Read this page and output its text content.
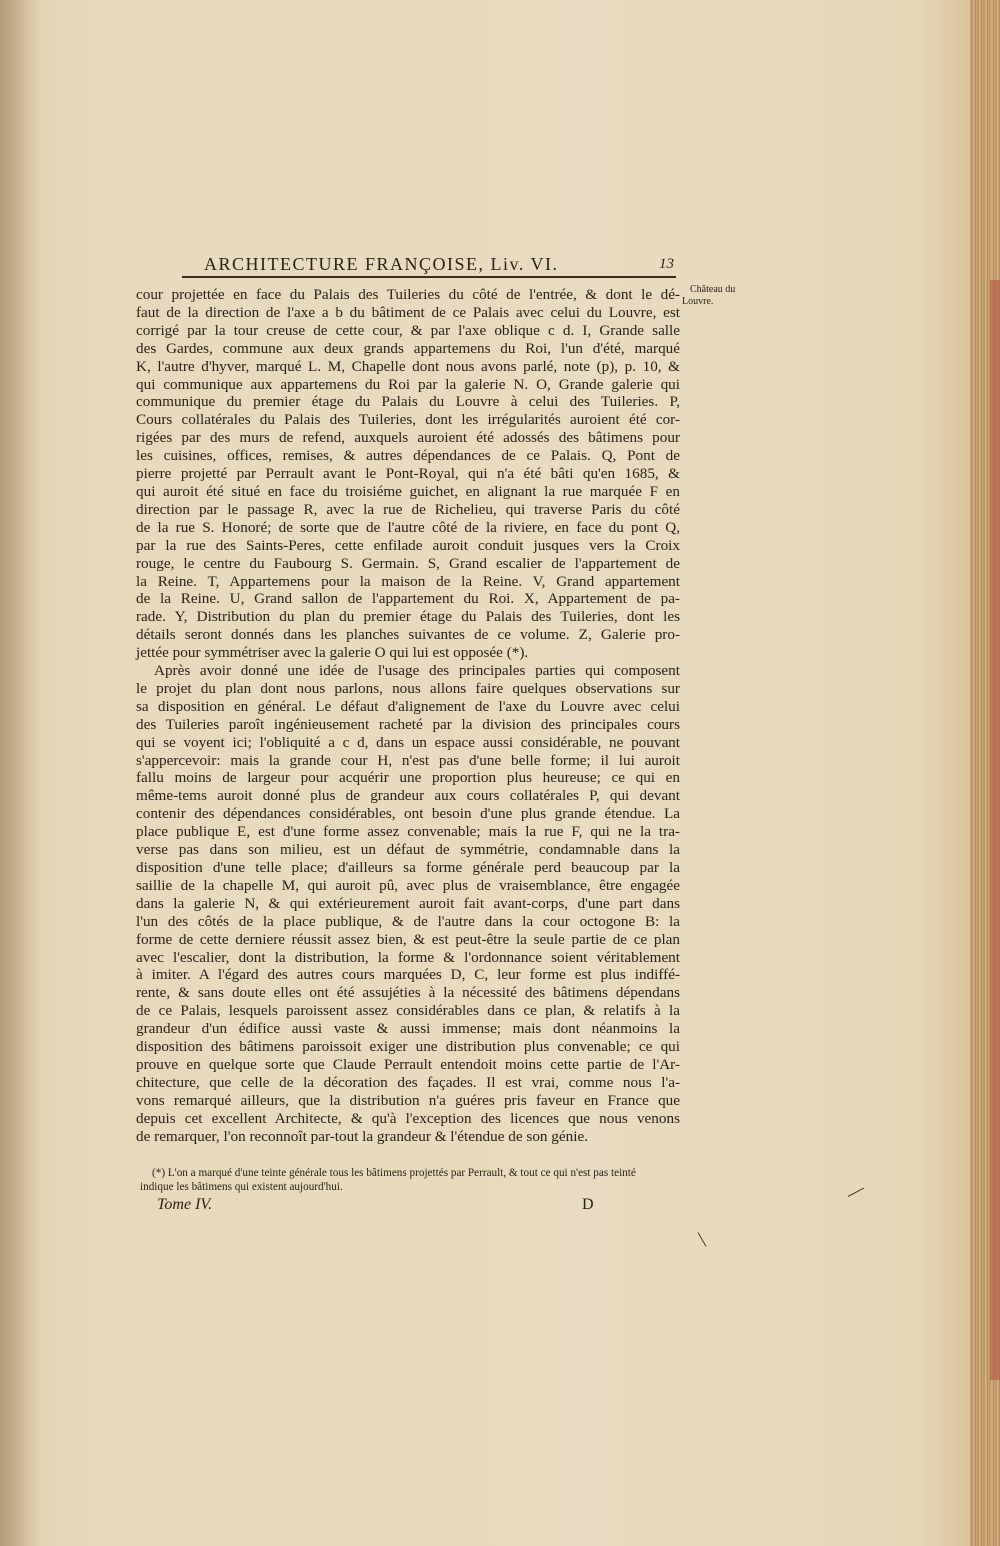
ARCHITECTURE FRANÇOISE, Liv. VI.	13
Château du
Louvre.
cour projettée en face du Palais des Tuileries du côté de l'entrée, & dont le dé-
faut de la direction de l'axe a b du bâtiment de ce Palais avec celui du Louvre, est
corrigé par la tour creuse de cette cour, & par l'axe oblique c d. I, Grande salle
des Gardes, commune aux deux grands appartemens du Roi, l'un d'été, marqué
K, l'autre d'hyver, marqué L. M, Chapelle dont nous avons parlé, note (p), p. 10, &
qui communique aux appartemens du Roi par la galerie N. O, Grande galerie qui
communique du premier étage du Palais du Louvre à celui des Tuileries. P,
Cours collatérales du Palais des Tuileries, dont les irrégularités auroient été cor-
rigées par des murs de refend, auxquels auroient été adossés des bâtimens pour
les cuisines, offices, remises, & autres dépendances de ce Palais. Q, Pont de
pierre projetté par Perrault avant le Pont-Royal, qui n'a été bâti qu'en 1685, &
qui auroit été situé en face du troisiéme guichet, en alignant la rue marquée F en
direction par le passage R, avec la rue de Richelieu, qui traverse Paris du côté
de la rue S. Honoré; de sorte que de l'autre côté de la riviere, en face du pont Q,
par la rue des Saints-Peres, cette enfilade auroit conduit jusques vers la Croix
rouge, le centre du Faubourg S. Germain. S, Grand escalier de l'appartement de
la Reine. T, Appartemens pour la maison de la Reine. V, Grand appartement
de la Reine. U, Grand sallon de l'appartement du Roi. X, Appartement de pa-
rade. Y, Distribution du plan du premier étage du Palais des Tuileries, dont les
détails seront donnés dans les planches suivantes de ce volume. Z, Galerie pro-
jettée pour symmétriser avec la galerie O qui lui est opposée (*).
Après avoir donné une idée de l'usage des principales parties qui composent
le projet du plan dont nous parlons, nous allons faire quelques observations sur
sa disposition en général. Le défaut d'alignement de l'axe du Louvre avec celui
des Tuileries paroît ingénieusement racheté par la division des principales cours
qui se voyent ici; l'obliquité a c d, dans un espace aussi considérable, ne pouvant
s'appercevoir: mais la grande cour H, n'est pas d'une belle forme; il lui auroit
fallu moins de largeur pour acquérir une proportion plus heureuse; ce qui en
même-tems auroit donné plus de grandeur aux cours collatérales P, qui devant
contenir des dépendances considérables, ont besoin d'une plus grande étendue. La
place publique E, est d'une forme assez convenable; mais la rue F, qui ne la tra-
verse pas dans son milieu, est un défaut de symmétrie, condamnable dans la
disposition d'une telle place; d'ailleurs sa forme générale perd beaucoup par la
saillie de la chapelle M, qui auroit pû, avec plus de vraisemblance, être engagée
dans la galerie N, & qui extérieurement auroit fait avant-corps, d'une part dans
l'un des côtés de la place publique, & de l'autre dans la cour octogone B: la
forme de cette derniere réussit assez bien, & est peut-être la seule partie de ce plan
avec l'escalier, dont la distribution, la forme & l'ordonnance soient véritablement
à imiter. A l'égard des autres cours marquées D, C, leur forme est plus indiffé-
rente, & sans doute elles ont été assujéties à la nécessité des bâtimens dépendans
de ce Palais, lesquels paroissent assez considérables dans ce plan, & relatifs à la
grandeur d'un édifice aussi vaste & aussi immense; mais dont néanmoins la
disposition des bâtimens paroissoit exiger une distribution plus convenable; ce qui
prouve en quelque sorte que Claude Perrault entendoit moins cette partie de l'Ar-
chitecture, que celle de la décoration des façades. Il est vrai, comme nous l'a-
vons remarqué ailleurs, que la distribution n'a guéres pris faveur en France que
depuis cet excellent Architecte, & qu'à l'exception des licences que nous venons
de remarquer, l'on reconnoît par-tout la grandeur & l'étendue de son génie.
(*) L'on a marqué d'une teinte générale tous les bâtimens projettés par Perrault, & tout ce qui n'est pas teinté
indique les bâtimens qui existent aujourd'hui.
Tome IV.	D
